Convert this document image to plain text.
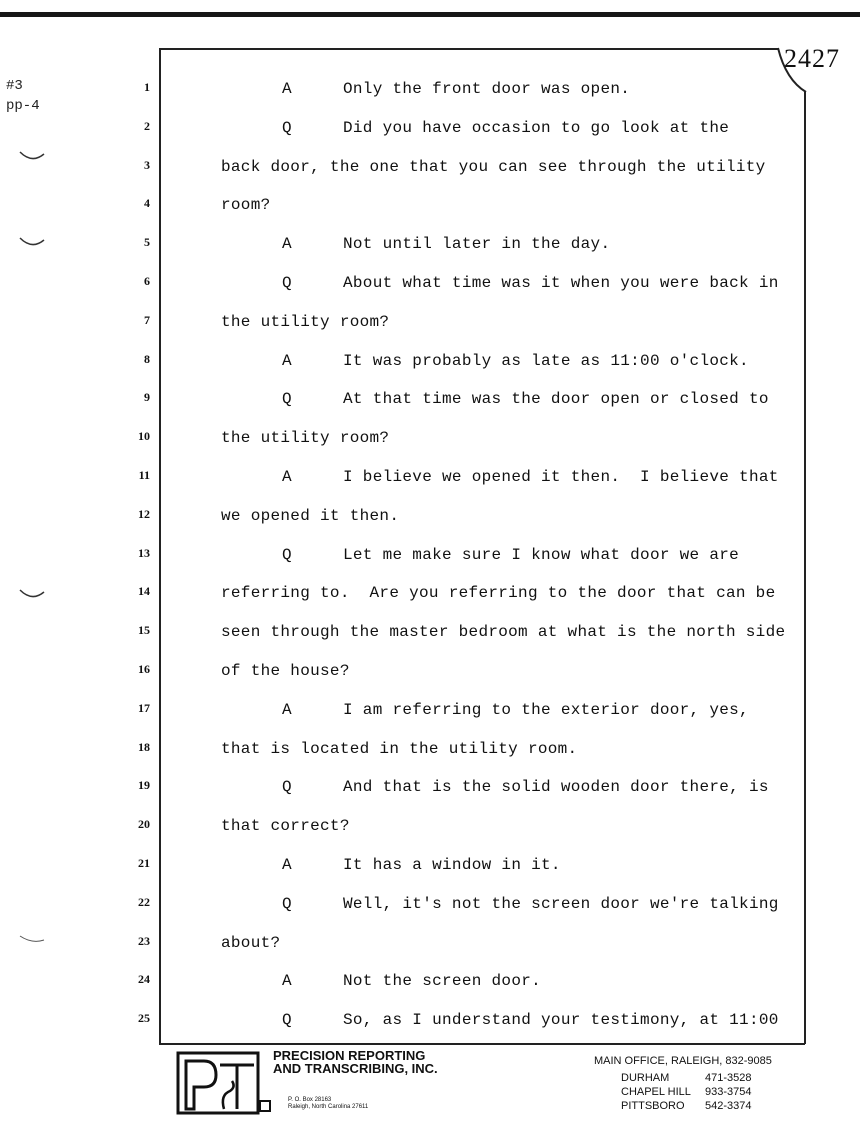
2427
#3
pp-4
1	A	Only the front door was open.
2	Q	Did you have occasion to go look at the
3	back door, the one that you can see through the utility
4	room?
5	A	Not until later in the day.
6	Q	About what time was it when you were back in
7	the utility room?
8	A	It was probably as late as 11:00 o'clock.
9	Q	At that time was the door open or closed to
10	the utility room?
11	A	I believe we opened it then.  I believe that
12	we opened it then.
13	Q	Let me make sure I know what door we are
14	referring to.  Are you referring to the door that can be
15	seen through the master bedroom at what is the north side
16	of the house?
17	A	I am referring to the exterior door, yes,
18	that is located in the utility room.
19	Q	And that is the solid wooden door there, is
20	that correct?
21	A	It has a window in it.
22	Q	Well, it's not the screen door we're talking
23	about?
24	A	Not the screen door.
25	Q	So, as I understand your testimony, at 11:00
PRECISION REPORTING
AND TRANSCRIBING, INC.
P. O. Box 28163
Raleigh, North Carolina 27611
MAIN OFFICE, RALEIGH, 832-9085
DURHAM	471-3528
CHAPEL HILL 933-3754
PITTSBORO 542-3374
